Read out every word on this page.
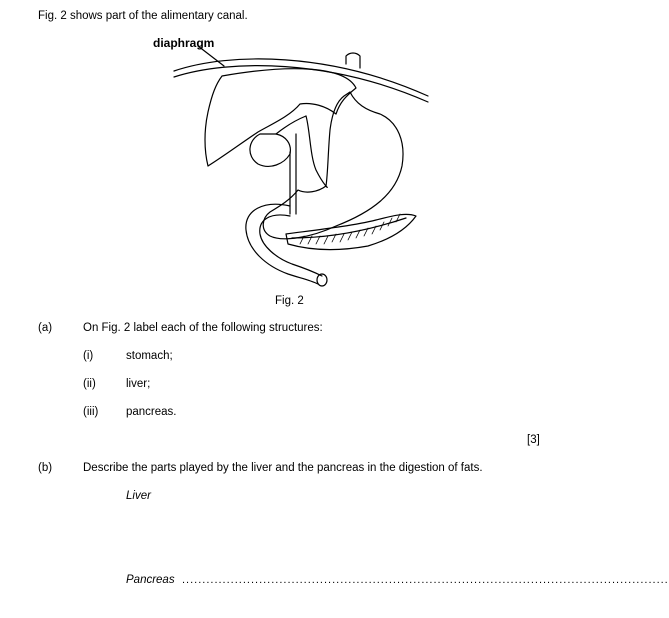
Fig. 2 shows part of the alimentary canal.
diaphragm
Fig. 2
(a)	On Fig. 2 label each of the following structures:
(i)	stomach;
(ii)	liver;
(iii) pancreas.
[3]
(b)	Describe the parts played by the liver and the pancreas in the digestion of fats.
Liver
Pancreas ........................................................................................................................
